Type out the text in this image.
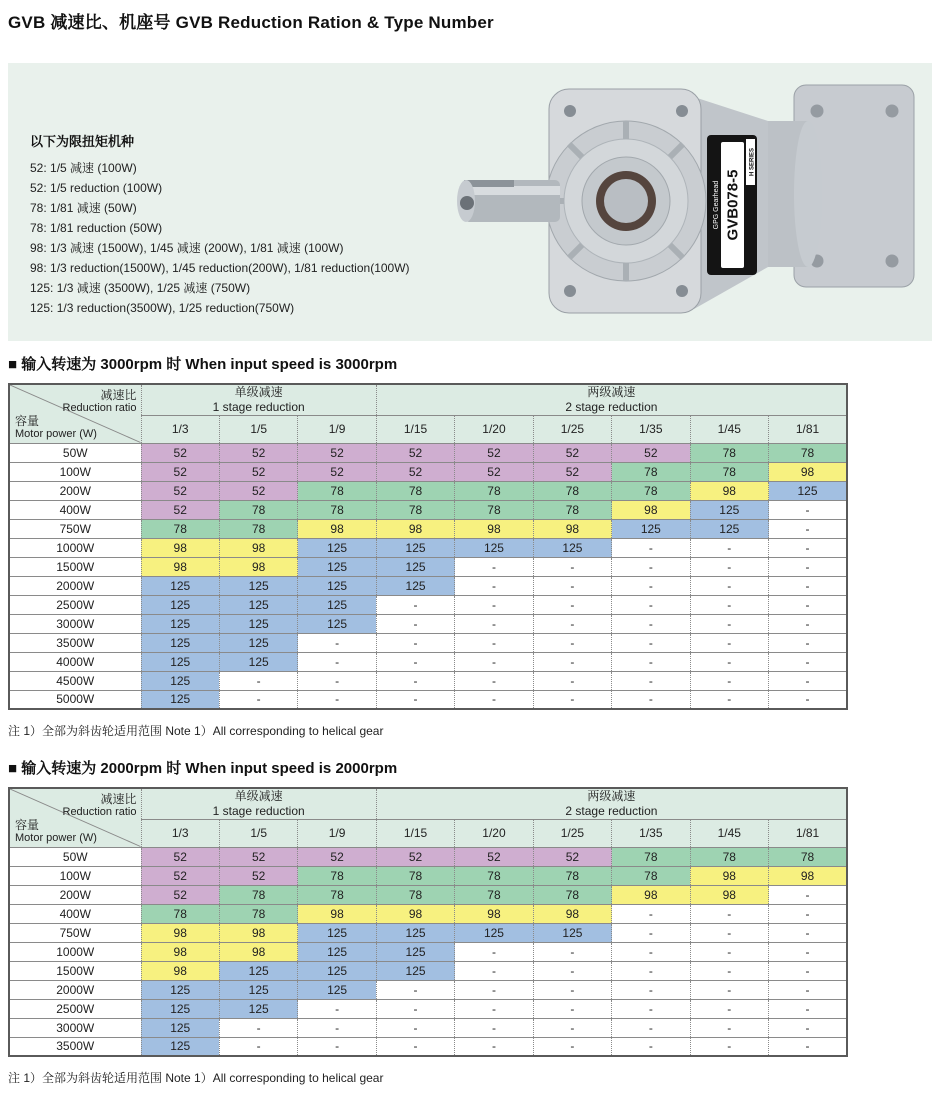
GVB 减速比、机座号 GVB Reduction Ration & Type Number
以下为限扭矩机种
52: 1/5 减速 (100W)
52: 1/5 reduction (100W)
78: 1/81 减速 (50W)
78: 1/81 reduction (50W)
98: 1/3 减速 (1500W), 1/45 减速 (200W), 1/81 减速 (100W)
98: 1/3 reduction(1500W), 1/45 reduction(200W), 1/81 reduction(100W)
125: 1/3 减速 (3500W), 1/25 减速 (750W)
125: 1/3 reduction(3500W), 1/25 reduction(750W)
H SERIES
GVB078-5
GPG Gearhead
■ 输入转速为 3000rpm 时 When input speed is 3000rpm
减速比
Reduction ratio
容量
Motor power (W)

单级减速
1 stage reduction

两级减速
2 stage reduction

	1/3	1/5	1/9	1/15	1/20	1/25	1/35	1/45	1/81
50W	52	52	52	52	52	52	52	78	78
100W	52	52	52	52	52	52	78	78	98
200W	52	52	78	78	78	78	78	98	125
400W	52	78	78	78	78	78	98	125	-
750W	78	78	98	98	98	98	125	125	-
1000W	98	98	125	125	125	125	-	-	-
1500W	98	98	125	125	-	-	-	-	-
2000W	125	125	125	125	-	-	-	-	-
2500W	125	125	125	-	-	-	-	-	-
3000W	125	125	125	-	-	-	-	-	-
3500W	125	125	-	-	-	-	-	-	-
4000W	125	125	-	-	-	-	-	-	-
4500W	125	-	-	-	-	-	-	-	-
5000W	125	-	-	-	-	-	-	-	-
注 1）全部为斜齿轮适用范围 Note 1）All corresponding to helical gear
■ 输入转速为 2000rpm 时 When input speed is 2000rpm
减速比
Reduction ratio
容量
Motor power (W)

单级减速
1 stage reduction

两级减速
2 stage reduction

	1/3	1/5	1/9	1/15	1/20	1/25	1/35	1/45	1/81
50W	52	52	52	52	52	52	78	78	78
100W	52	52	78	78	78	78	78	98	98
200W	52	78	78	78	78	78	98	98	-
400W	78	78	98	98	98	98	-	-	-
750W	98	98	125	125	125	125	-	-	-
1000W	98	98	125	125	-	-	-	-	-
1500W	98	125	125	125	-	-	-	-	-
2000W	125	125	125	-	-	-	-	-	-
2500W	125	125	-	-	-	-	-	-	-
3000W	125	-	-	-	-	-	-	-	-
3500W	125	-	-	-	-	-	-	-	-
注 1）全部为斜齿轮适用范围 Note 1）All corresponding to helical gear
